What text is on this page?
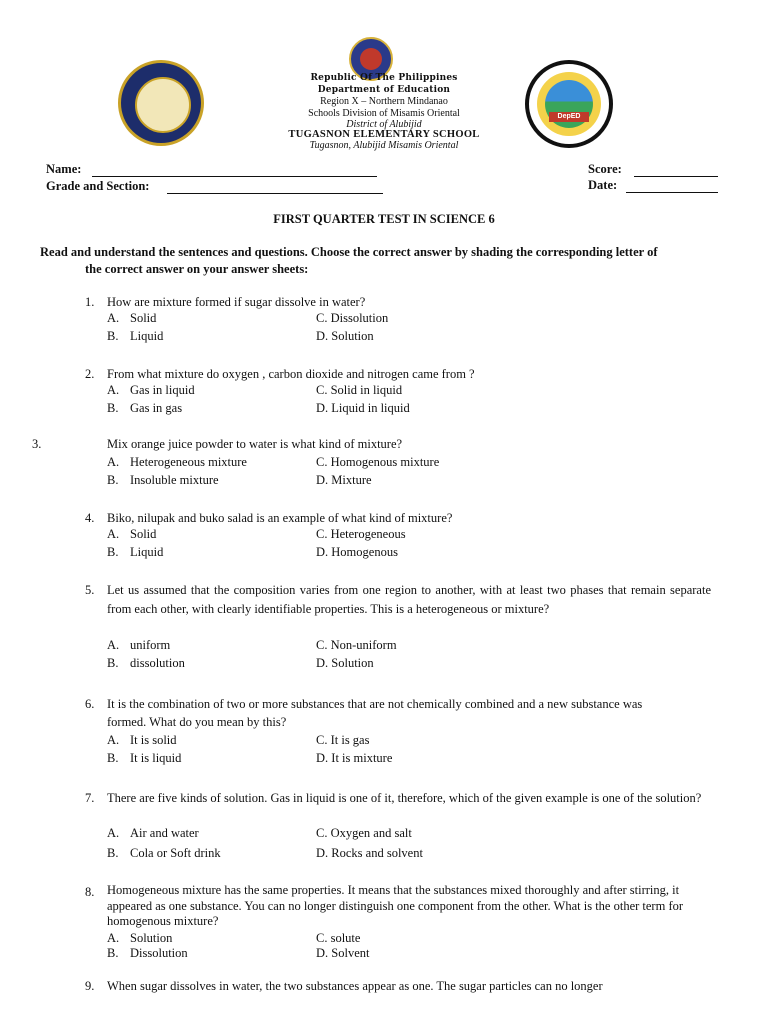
DepED
Republic Of The Philippines
Department of Education
Region X – Northern Mindanao
Schools Division of Misamis Oriental
District of Alubijid
TUGASNON ELEMENTARY SCHOOL
Tugasnon, Alubijid Misamis Oriental
Name:
Grade and Section:
Score:
Date:
FIRST QUARTER TEST IN SCIENCE 6
Read and understand the sentences and questions. Choose the correct answer by shading the corresponding letter of
the correct answer on your answer sheets:
1.	How are mixture formed if sugar dissolve in water?
A. Solid	C. Dissolution
B. Liquid	D. Solution
2.	From what mixture do oxygen , carbon dioxide and nitrogen came from ?
A. Gas in liquid	C. Solid in liquid
B. Gas in gas	D. Liquid in liquid
3.	Mix orange juice powder to water is what kind of mixture?
A. Heterogeneous mixture	C. Homogenous mixture
B. Insoluble mixture	D. Mixture
4.	Biko, nilupak and buko salad is an example of what kind of mixture?
A. Solid	C. Heterogeneous
B. Liquid	D. Homogenous
5.	Let us assumed that the composition varies from one region to another, with at least two phases that remain separate from each other, with clearly identifiable properties. This is a heterogeneous or mixture?
A. uniform	C. Non-uniform
B. dissolution	D. Solution
6.	It is the combination of two or more substances that are not chemically combined and a new substance was formed. What do you mean by this?
A. It is solid	C. It is gas
B. It is liquid	D. It is mixture
7.	There are five kinds of solution. Gas in liquid is one of it, therefore, which of the given example is one of the solution?
A. Air and water	C. Oxygen and salt
B. Cola or Soft drink	D. Rocks and solvent
8.	Homogeneous mixture has the same properties. It means that the substances mixed thoroughly and after stirring, it appeared as one substance. You can no longer distinguish one component from the other. What is the other term for homogenous mixture?
A. Solution	C. solute
B. Dissolution	D. Solvent
9.	When sugar dissolves in water, the two substances appear as one. The sugar particles can no longer
